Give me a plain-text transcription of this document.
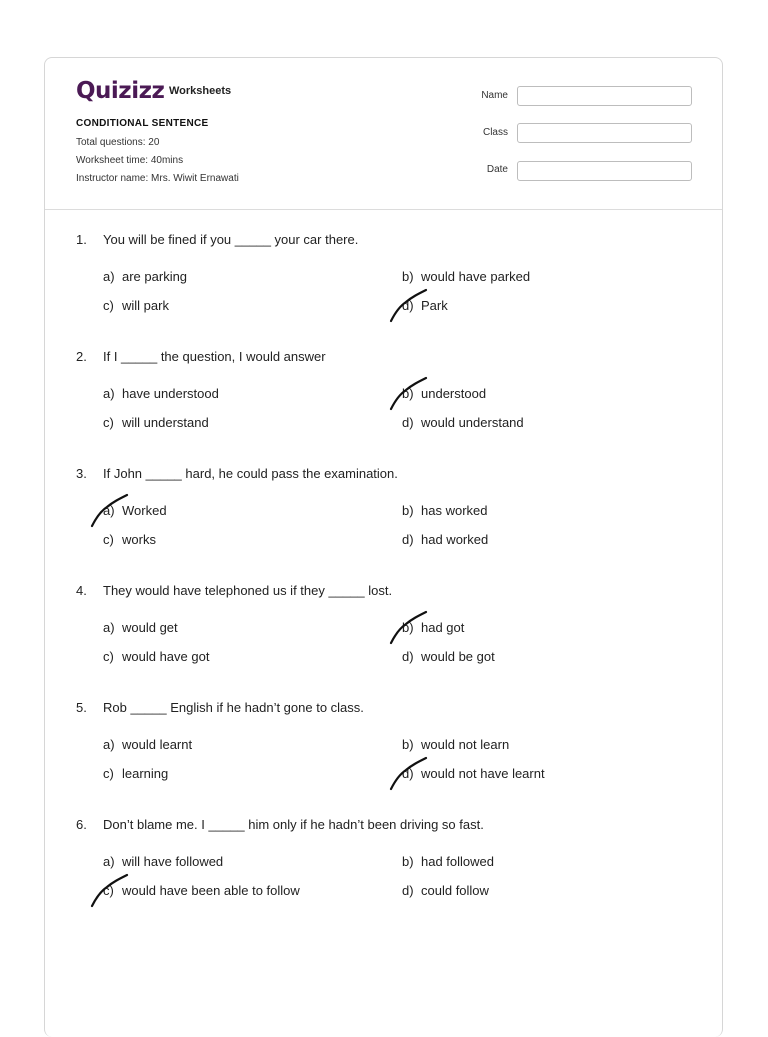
Quizizz Worksheets
CONDITIONAL SENTENCE
Total questions: 20
Worksheet time: 40mins
Instructor name: Mrs. Wiwit Ernawati
Name
Class
Date
1. You will be fined if you _____ your car there.
a) are parking	b) would have parked
c) will park	d) Park
2. If I _____ the question, I would answer
a) have understood	b) understood
c) will understand	d) would understand
3. If John _____ hard, he could pass the examination.
a) Worked	b) has worked
c) works	d) had worked
4. They would have telephoned us if they _____ lost.
a) would get	b) had got
c) would have got	d) would be got
5. Rob _____ English if he hadn’t gone to class.
a) would learnt	b) would not learn
c) learning	d) would not have learnt
6. Don’t blame me. I _____ him only if he hadn’t been driving so fast.
a) will have followed	b) had followed
c) would have been able to follow	d) could follow
